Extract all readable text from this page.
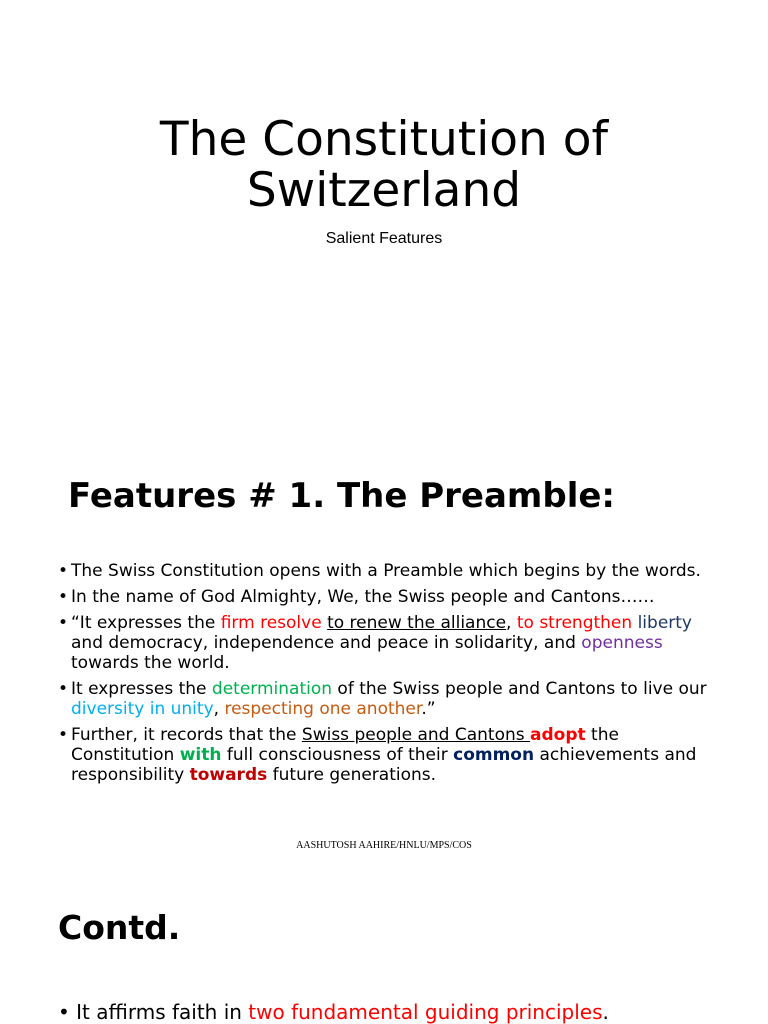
The Constitution of
Switzerland
Salient Features
Features # 1. The Preamble:
• The Swiss Constitution opens with a Preamble which begins by the words.
• In the name of God Almighty, We, the Swiss people and Cantons……
• “It expresses the firm resolve to renew the alliance, to strengthen liberty and democracy, independence and peace in solidarity, and openness towards the world.
• It expresses the determination of the Swiss people and Cantons to live our diversity in unity, respecting one another.”
• Further, it records that the Swiss people and Cantons adopt the Constitution with full consciousness of their common achievements and responsibility towards future generations.
AASHUTOSH AAHIRE/HNLU/MPS/COS
Contd.
• It affirms faith in two fundamental guiding principles.
